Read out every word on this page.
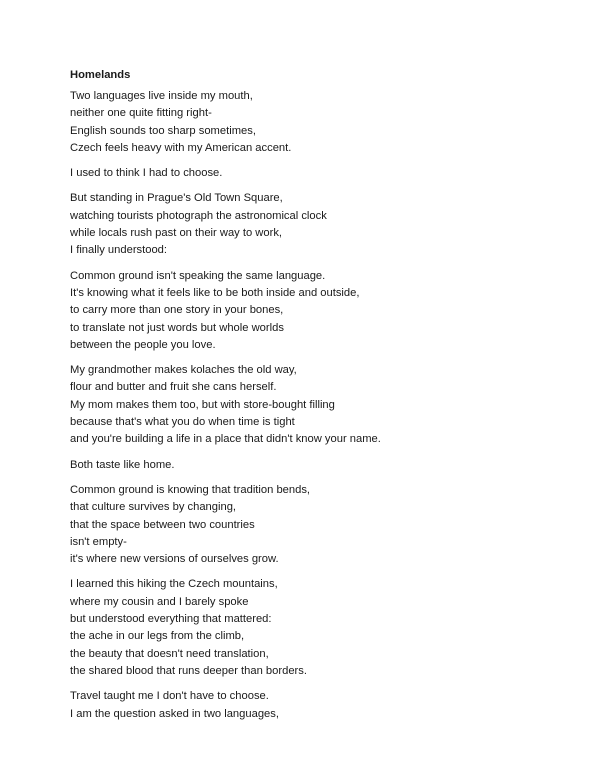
Homelands
Two languages live inside my mouth,
neither one quite fitting right-
English sounds too sharp sometimes,
Czech feels heavy with my American accent.
I used to think I had to choose.
But standing in Prague's Old Town Square,
watching tourists photograph the astronomical clock
while locals rush past on their way to work,
I finally understood:
Common ground isn't speaking the same language.
It's knowing what it feels like to be both inside and outside,
to carry more than one story in your bones,
to translate not just words but whole worlds
between the people you love.
My grandmother makes kolaches the old way,
flour and butter and fruit she cans herself.
My mom makes them too, but with store-bought filling
because that's what you do when time is tight
and you're building a life in a place that didn't know your name.
Both taste like home.
Common ground is knowing that tradition bends,
that culture survives by changing,
that the space between two countries
isn't empty-
it's where new versions of ourselves grow.
I learned this hiking the Czech mountains,
where my cousin and I barely spoke
but understood everything that mattered:
the ache in our legs from the climb,
the beauty that doesn't need translation,
the shared blood that runs deeper than borders.
Travel taught me I don't have to choose.
I am the question asked in two languages,
